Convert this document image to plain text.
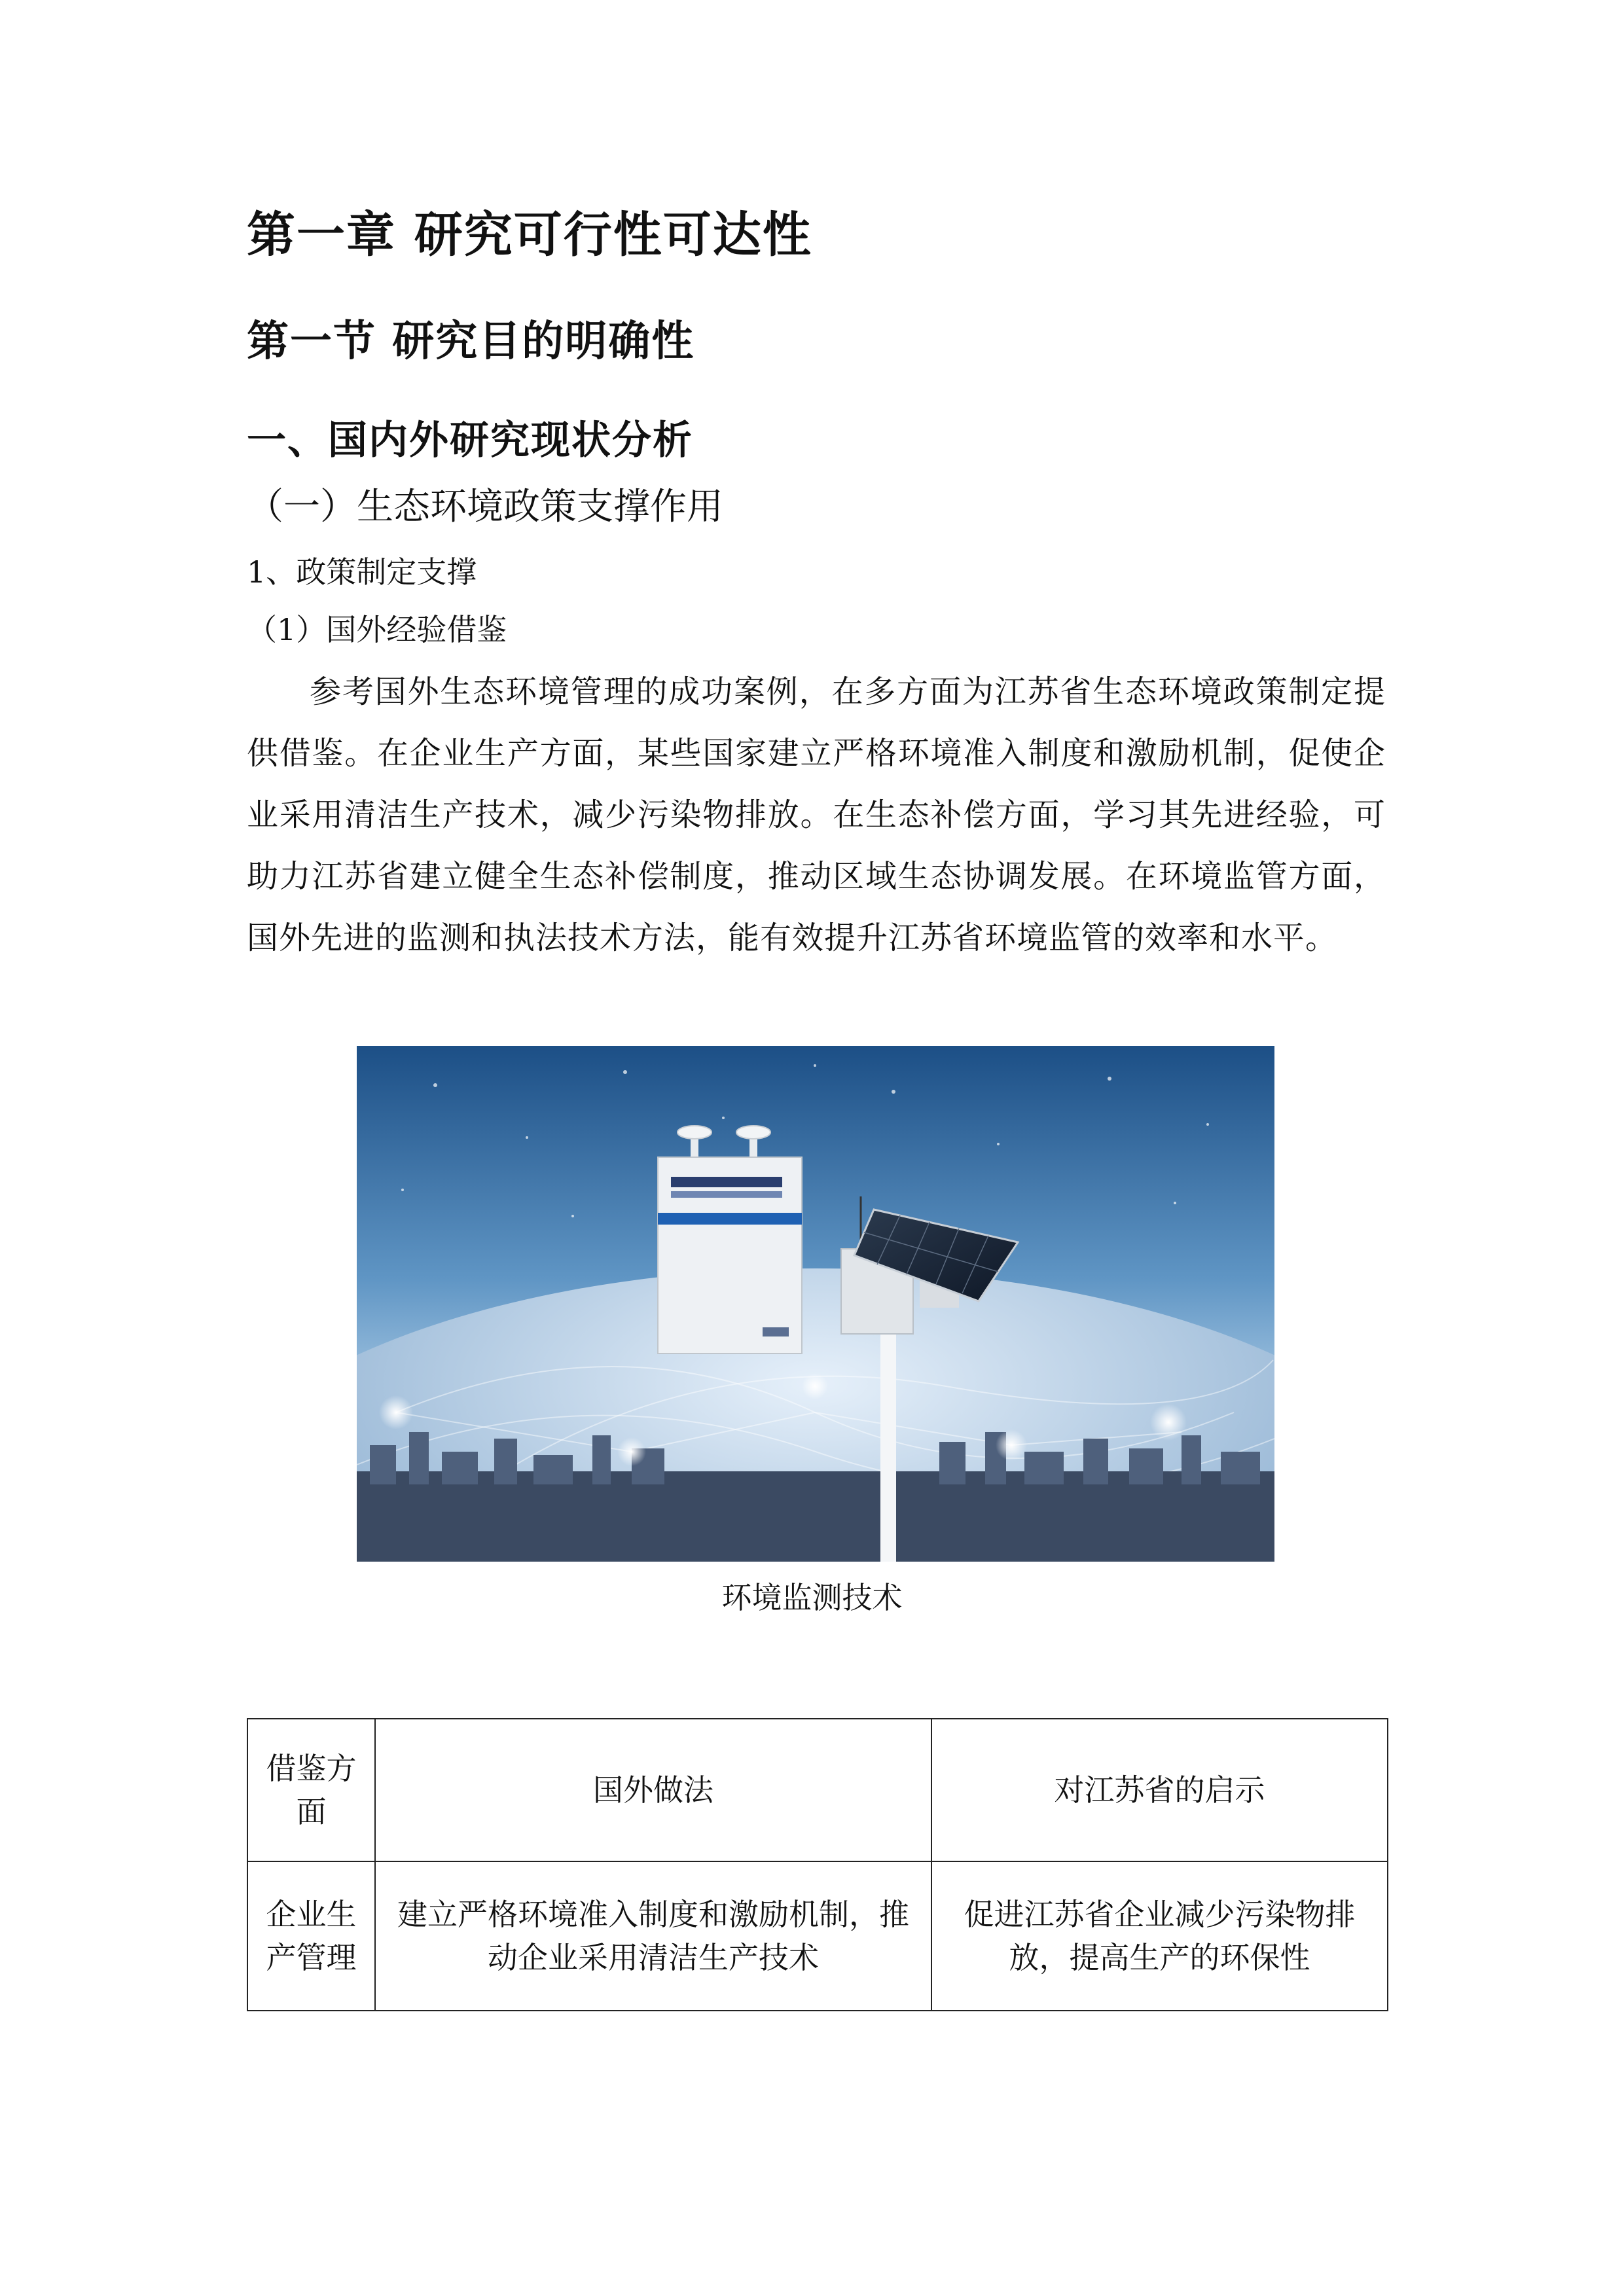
第一章 研究可行性可达性
第一节 研究目的明确性
一、国内外研究现状分析
（一）生态环境政策支撑作用
1、政策制定支撑
（1）国外经验借鉴

参考国外生态环境管理的成功案例，在多方面为江苏省生态环境政策制定提供借鉴。在企业生产方面，某些国家建立严格环境准入制度和激励机制，促使企业采用清洁生产技术，减少污染物排放。在生态补偿方面，学习其先进经验，可助力江苏省建立健全生态补偿制度，推动区域生态协调发展。在环境监管方面，国外先进的监测和执法技术方法，能有效提升江苏省环境监管的效率和水平。

环境监测技术
借鉴方面	国外做法	对江苏省的启示
企业生产管理	建立严格环境准入制度和激励机制，推动企业采用清洁生产技术	促进江苏省企业减少污染物排放，提高生产的环保性
